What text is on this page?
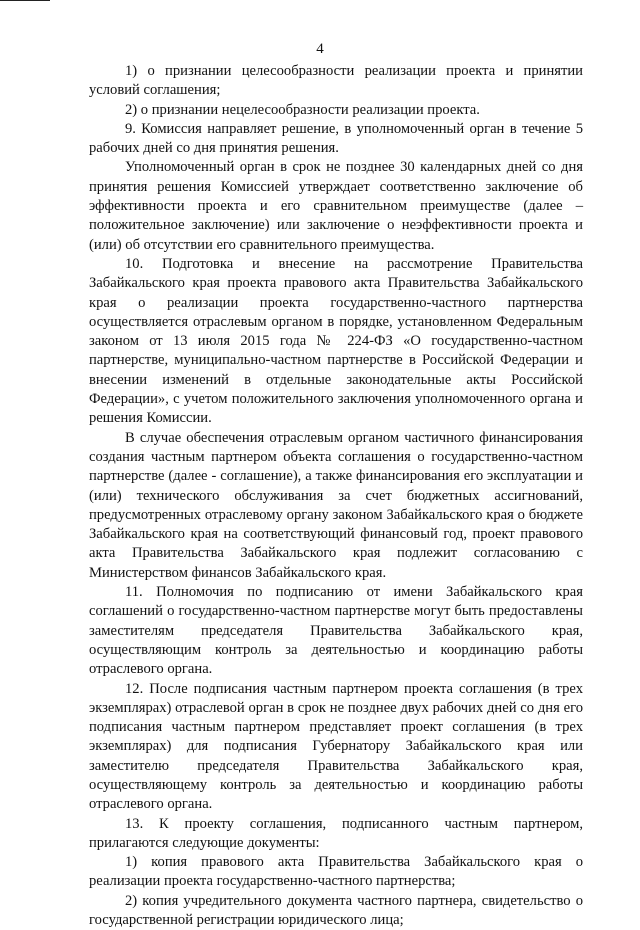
4

1) о признании целесообразности реализации проекта и принятии условий соглашения;

2) о признании нецелесообразности реализации проекта.

9. Комиссия направляет решение, в уполномоченный орган в течение 5 рабочих дней со дня принятия решения.

Уполномоченный орган в срок не позднее 30 календарных дней со дня принятия решения Комиссией утверждает соответственно заключение об эффективности проекта и его сравнительном преимуществе (далее – положительное заключение) или заключение о неэффективности проекта и (или) об отсутствии его сравнительного преимущества.

10. Подготовка и внесение на рассмотрение Правительства Забайкальского края проекта правового акта Правительства Забайкальского края о реализации проекта государственно-частного партнерства осуществляется отраслевым органом в порядке, установленном Федеральным законом от 13 июля 2015 года № 224-ФЗ «О государственно-частном партнерстве, муниципально-частном партнерстве в Российской Федерации и внесении изменений в отдельные законодательные акты Российской Федерации», с учетом положительного заключения уполномоченного органа и решения Комиссии.

В случае обеспечения отраслевым органом частичного финансирования создания частным партнером объекта соглашения о государственно-частном партнерстве (далее - соглашение), а также финансирования его эксплуатации и (или) технического обслуживания за счет бюджетных ассигнований, предусмотренных отраслевому органу законом Забайкальского края о бюджете Забайкальского края на соответствующий финансовый год, проект правового акта Правительства Забайкальского края подлежит согласованию с Министерством финансов Забайкальского края.

11. Полномочия по подписанию от имени Забайкальского края соглашений о государственно-частном партнерстве могут быть предоставлены заместителям председателя Правительства Забайкальского края, осуществляющим контроль за деятельностью и координацию работы отраслевого органа.

12. После подписания частным партнером проекта соглашения (в трех экземплярах) отраслевой орган в срок не позднее двух рабочих дней со дня его подписания частным партнером представляет проект соглашения (в трех экземплярах) для подписания Губернатору Забайкальского края или заместителю председателя Правительства Забайкальского края, осуществляющему контроль за деятельностью и координацию работы отраслевого органа.

13. К проекту соглашения, подписанного частным партнером, прилагаются следующие документы:

1) копия правового акта Правительства Забайкальского края о реализации проекта государственно-частного партнерства;

2) копия учредительного документа частного партнера, свидетельство о государственной регистрации юридического лица;
